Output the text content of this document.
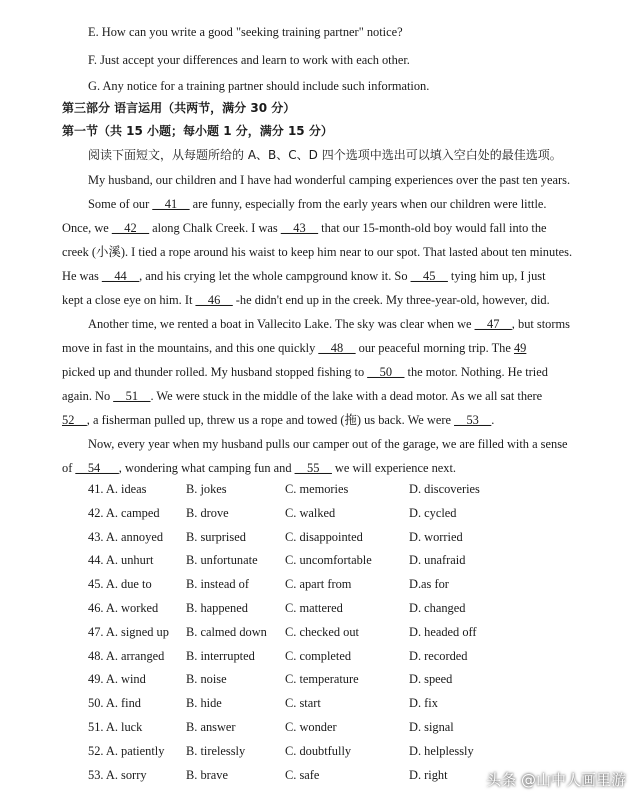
E. How can you write a good "seeking training partner" notice?
F. Just accept your differences and learn to work with each other.
G. Any notice for a training partner should include such information.
第三部分 语言运用（共两节，满分 30 分）
第一节（共 15 小题；每小题 1 分，满分 15 分）
阅读下面短文，从每题所给的 A、B、C、D 四个选项中选出可以填入空白处的最佳选项。
My husband, our children and I have had wonderful camping experiences over the past ten years.
Some of our __41__ are funny, especially from the early years when our children were little.
Once, we __42__ along Chalk Creek. I was __43__ that our 15-month-old boy would fall into the
creek (小溪). I tied a rope around his waist to keep him near to our spot. That lasted about ten minutes.
He was __44__, and his crying let the whole campground know it. So __45__ tying him up, I just
kept a close eye on him. It __46__ -he didn't end up in the creek. My three-year-old, however, did.
Another time, we rented a boat in Vallecito Lake. The sky was clear when we __47__, but storms
move in fast in the mountains, and this one quickly __48__ our peaceful morning trip. The 49
picked up and thunder rolled. My husband stopped fishing to __50__ the motor. Nothing. He tried
again. No __51__. We were stuck in the middle of the lake with a dead motor. As we all sat there
52__, a fisherman pulled up, threw us a rope and towed (拖) us back. We were __53__.
Now, every year when my husband pulls our camper out of the garage, we are filled with a sense
of __54___, wondering what camping fun and __55__ we will experience next.
41. A. ideas	B. jokes	C. memories	D. discoveries
42. A. camped B. drove	C. walked	D. cycled
43. A. annoyed B. surprised	C. disappointed	D. worried
44. A. unhurt	B. unfortunate C. uncomfortable	D. unafraid
45. A. due to	B. instead of	C. apart from	D.as for
46. A. worked B. happened	C. mattered	D. changed
47. A. signed up B. calmed down C. checked out	D. headed off
48. A. arranged B. interrupted C. completed	D. recorded
49. A. wind	B. noise	C. temperature	D. speed
50. A. find	B. hide	C. start	D. fix
51. A. luck	B. answer	C. wonder	D. signal
52. A. patiently B. tirelessly	C. doubtfully	D. helplessly
53. A. sorry	B. brave	C. safe	D. right	头条 @山中人画里游
